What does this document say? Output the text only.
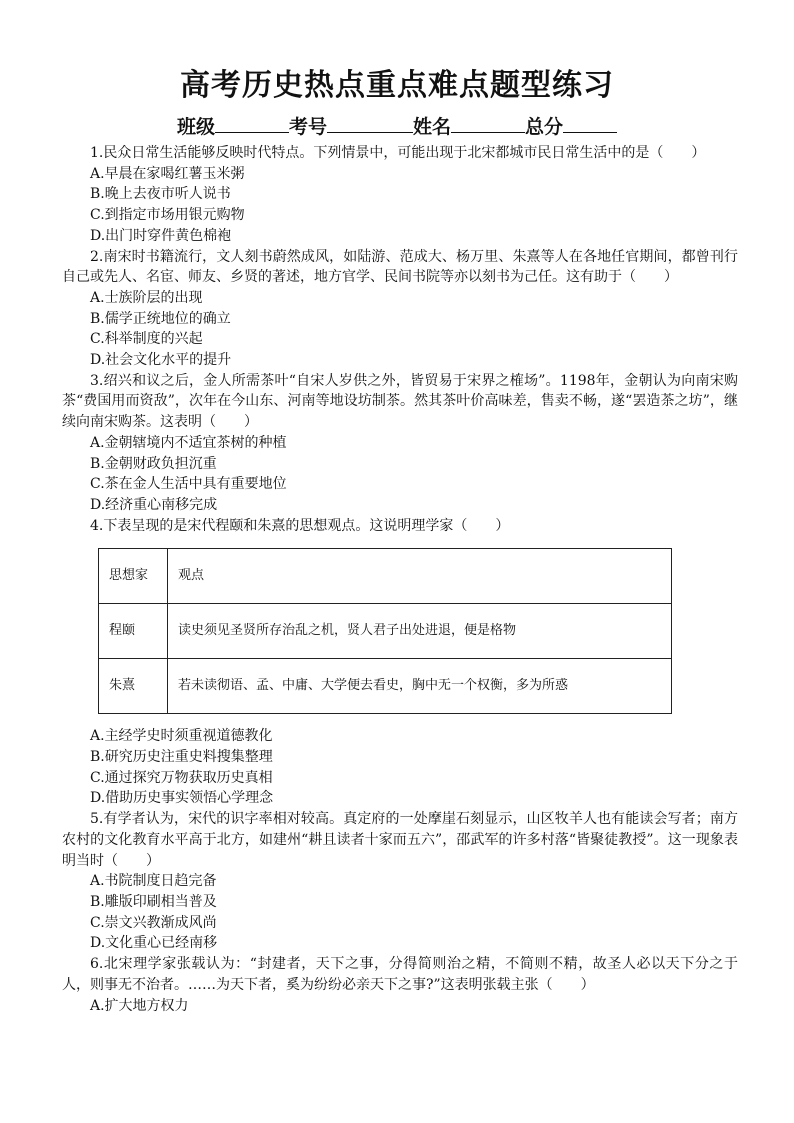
高考历史热点重点难点题型练习
班级	考号	姓名	总分

1.民众日常生活能够反映时代特点。下列情景中，可能出现于北宋都城市民日常生活中的是（　　）

A.早晨在家喝红薯玉米粥

B.晚上去夜市听人说书

C.到指定市场用银元购物

D.出门时穿件黄色棉袍

2.南宋时书籍流行，文人刻书蔚然成风，如陆游、范成大、杨万里、朱熹等人在各地任官期间，都曾刊行自己或先人、名宦、师友、乡贤的著述，地方官学、民间书院等亦以刻书为己任。这有助于（　　）

A.士族阶层的出现

B.儒学正统地位的确立

C.科举制度的兴起

D.社会文化水平的提升

3.绍兴和议之后，金人所需茶叶“自宋人岁供之外，皆贸易于宋界之榷场”。1198年，金朝认为向南宋购茶“费国用而资敌”，次年在今山东、河南等地设坊制茶。然其茶叶价高味差，售卖不畅，遂“罢造茶之坊”，继续向南宋购茶。这表明（　　）

A.金朝辖境内不适宜茶树的种植

B.金朝财政负担沉重

C.茶在金人生活中具有重要地位

D.经济重心南移完成

4.下表呈现的是宋代程颐和朱熹的思想观点。这说明理学家（　　）

思想家	观点
程颐	读史须见圣贤所存治乱之机，贤人君子出处进退，便是格物
朱熹	若未读彻语、孟、中庸、大学便去看史，胸中无一个权衡，多为所惑

A.主经学史时须重视道德教化

B.研究历史注重史料搜集整理

C.通过探究万物获取历史真相

D.借助历史事实领悟心学理念

5.有学者认为，宋代的识字率相对较高。真定府的一处摩崖石刻显示，山区牧羊人也有能读会写者；南方农村的文化教育水平高于北方，如建州“耕且读者十家而五六”，邵武军的许多村落“皆聚徒教授”。这一现象表明当时（　　）

A.书院制度日趋完备

B.雕版印刷相当普及

C.崇文兴教渐成风尚

D.文化重心已经南移

6.北宋理学家张载认为：“封建者，天下之事，分得简则治之精，不简则不精，故圣人必以天下分之于人，则事无不治者。……为天下者，奚为纷纷必亲天下之事?”这表明张载主张（　　）

A.扩大地方权力
